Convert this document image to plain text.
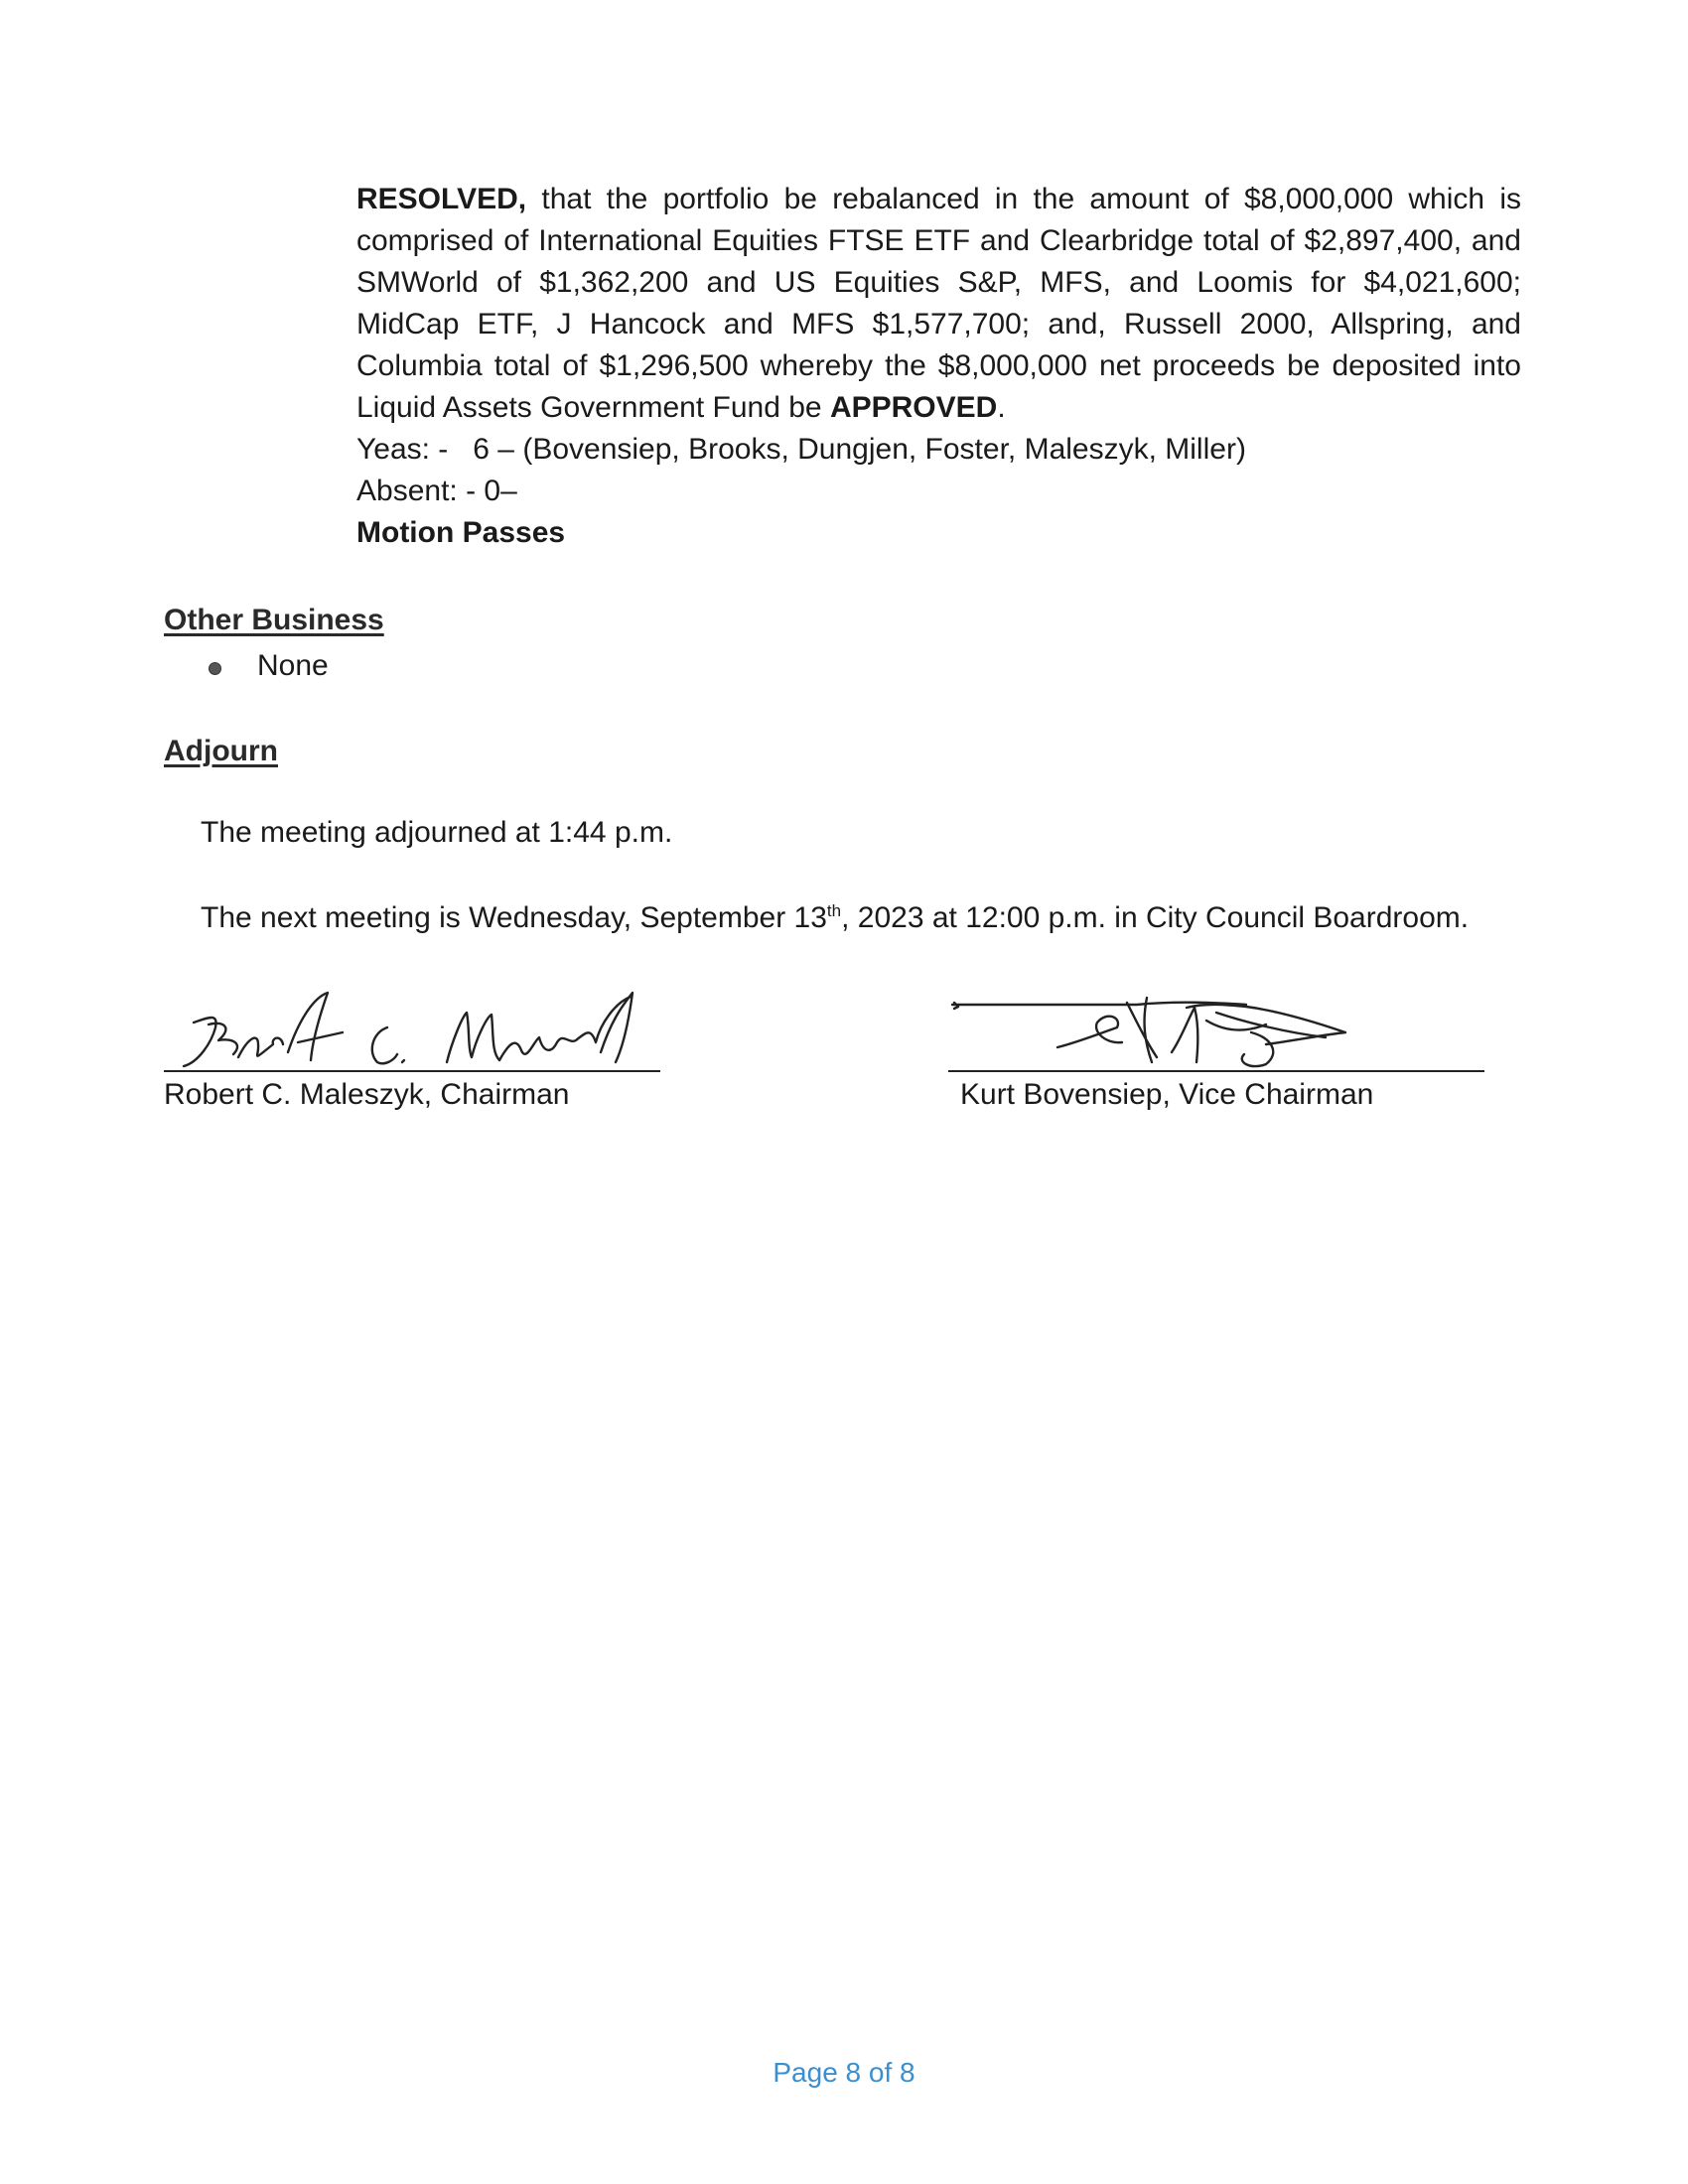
RESOLVED, that the portfolio be rebalanced in the amount of $8,000,000 which is comprised of International Equities FTSE ETF and Clearbridge total of $2,897,400, and SMWorld of $1,362,200 and US Equities S&P, MFS, and Loomis for $4,021,600; MidCap ETF, J Hancock and MFS $1,577,700; and, Russell 2000, Allspring, and Columbia total of $1,296,500 whereby the $8,000,000 net proceeds be deposited into Liquid Assets Government Fund be APPROVED.

Yeas: -   6 – (Bovensiep, Brooks, Dungjen, Foster, Maleszyk, Miller)

Absent: - 0–

Motion Passes

Other Business
None
Adjourn
The meeting adjourned at 1:44 p.m.
The next meeting is Wednesday, September 13th, 2023 at 12:00 p.m. in City Council Boardroom.
Robert C. Maleszyk, Chairman	Kurt Bovensiep, Vice Chairman
Page 8 of 8
